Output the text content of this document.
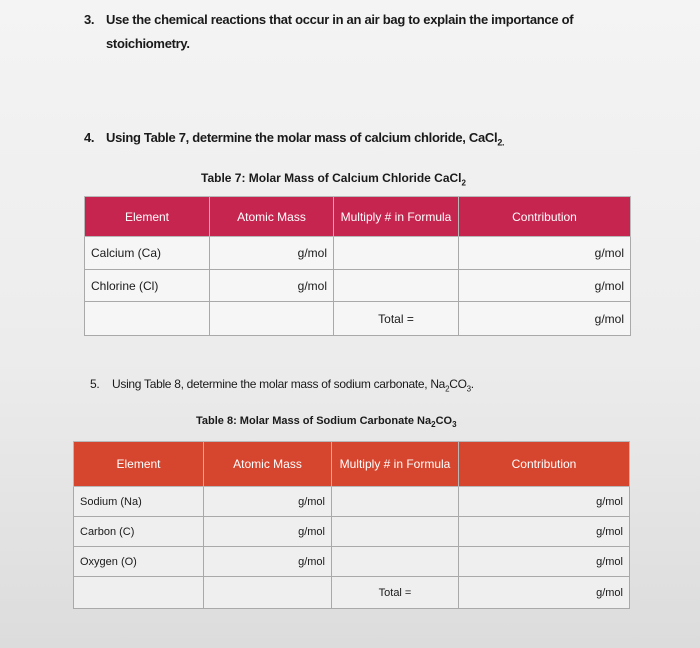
3. Use the chemical reactions that occur in an air bag to explain the importance of
stoichiometry.
4. Using Table 7, determine the molar mass of calcium chloride, CaCl$_{2.}$
Table 7: Molar Mass of Calcium Chloride CaCl$_2$
Element	Atomic Mass	Multiply # in Formula	Contribution
Calcium (Ca)	g/mol		g/mol
Chlorine (Cl)	g/mol		g/mol
		Total =	g/mol
5. Using Table 8, determine the molar mass of sodium carbonate, $Na_2CO_3$.
Table 8: Molar Mass of Sodium Carbonate $Na_2CO_3$
Element	Atomic Mass	Multiply # in Formula	Contribution
Sodium (Na)	g/mol		g/mol
Carbon (C)	g/mol		g/mol
Oxygen (O)	g/mol		g/mol
		Total =	g/mol
